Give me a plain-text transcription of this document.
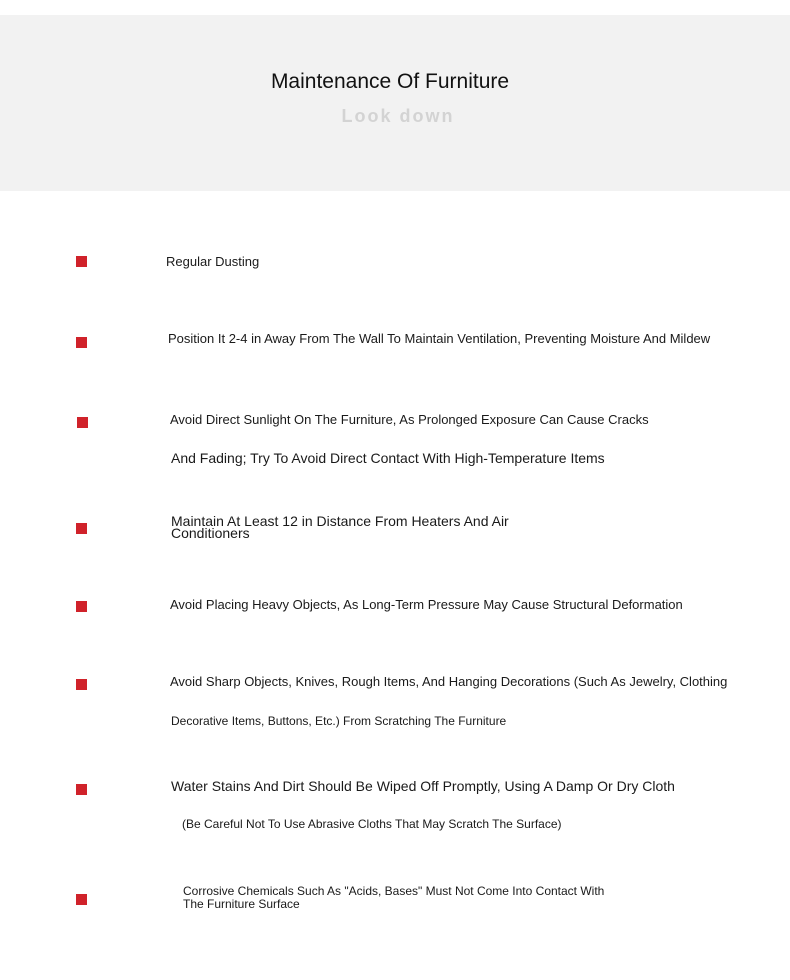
Maintenance Of Furniture
Look down
Regular Dusting
Position It 2-4 in Away From The Wall To Maintain Ventilation, Preventing Moisture And Mildew
Avoid Direct Sunlight On The Furniture, As Prolonged Exposure Can Cause Cracks
And Fading; Try To Avoid Direct Contact With High-Temperature Items
Maintain At Least 12 in Distance From Heaters And Air Conditioners
Avoid Placing Heavy Objects, As Long-Term Pressure May Cause Structural Deformation
Avoid Sharp Objects, Knives, Rough Items, And Hanging Decorations (Such As Jewelry, Clothing
Decorative Items, Buttons, Etc.) From Scratching The Furniture
Water Stains And Dirt Should Be Wiped Off Promptly, Using A Damp Or Dry Cloth
(Be Careful Not To Use Abrasive Cloths That May Scratch The Surface)
Corrosive Chemicals Such As "Acids, Bases" Must Not Come Into Contact With The Furniture Surface
